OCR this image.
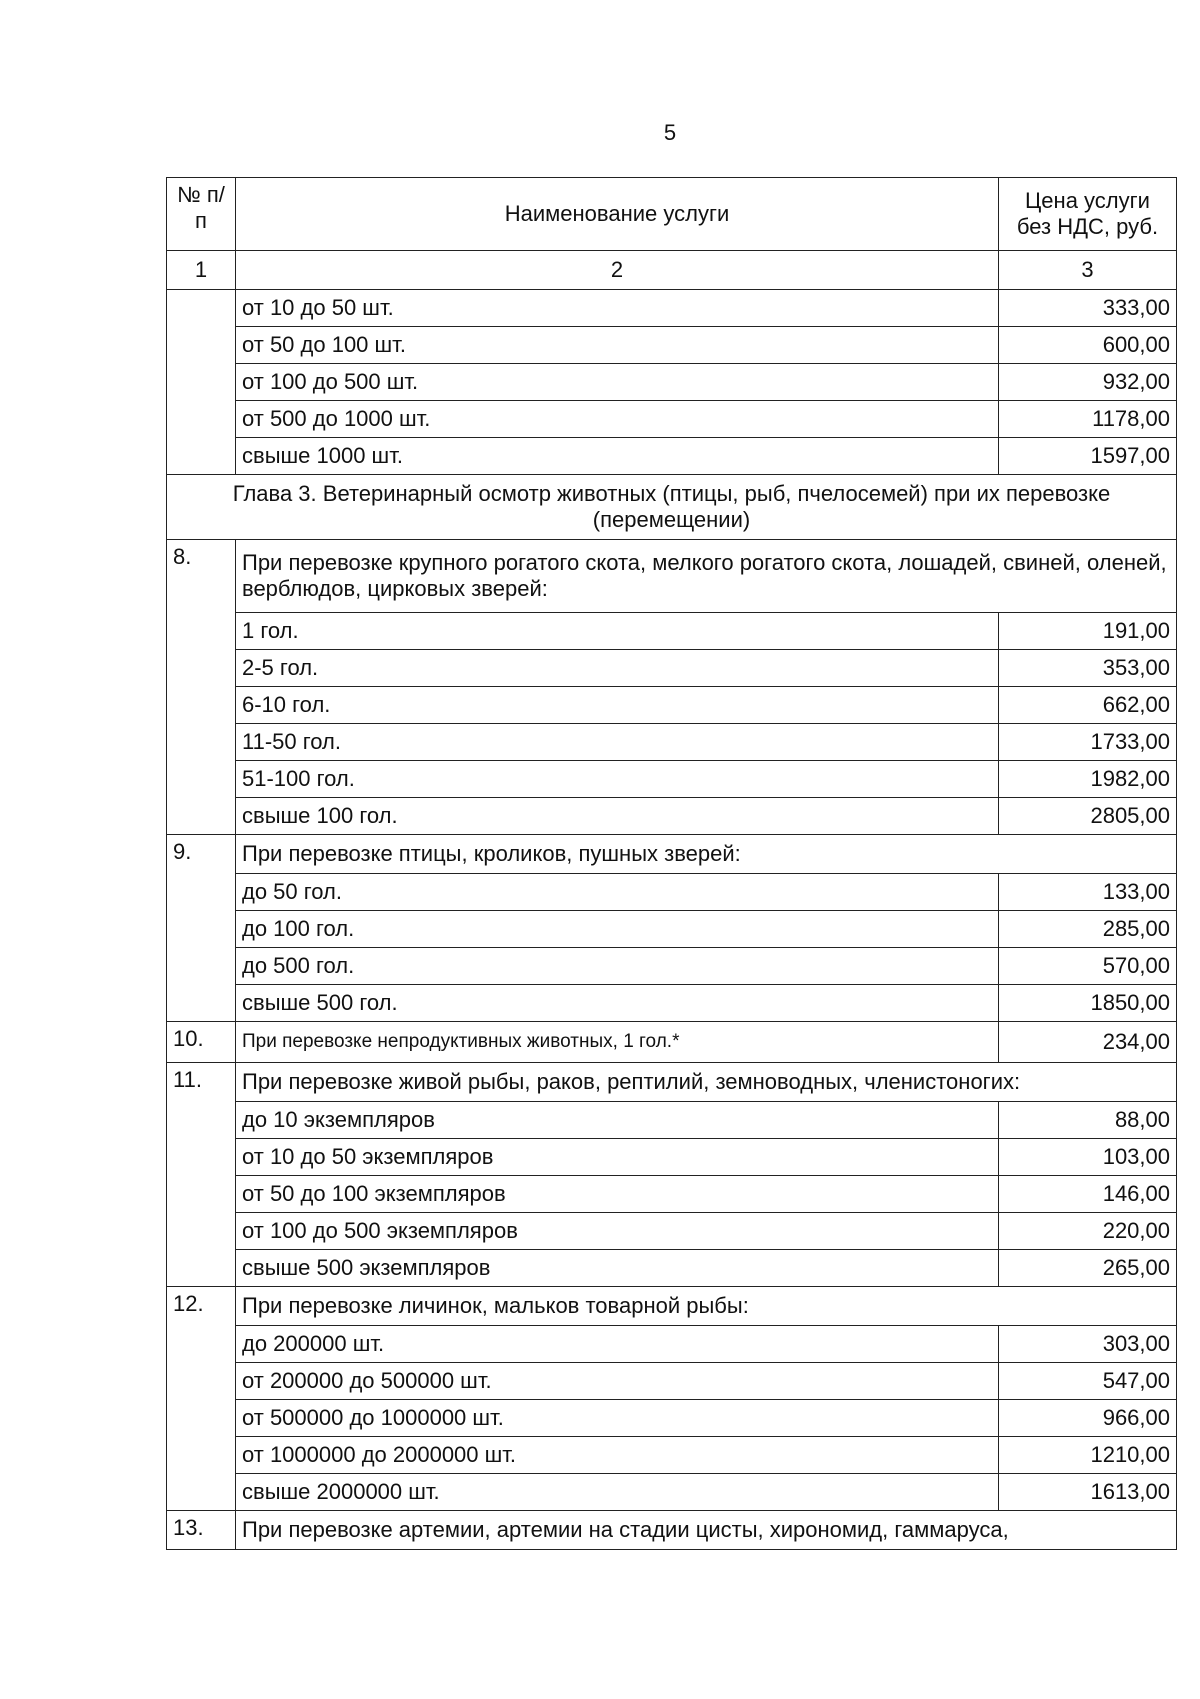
5
№ п/п	Наименование услуги	Цена услуги без НДС, руб.
1	2	3
	от 10 до 50 шт.	333,00
	от 50 до 100 шт.	600,00
	от 100 до 500 шт.	932,00
	от 500 до 1000 шт.	1178,00
	свыше 1000 шт.	1597,00
Глава 3. Ветеринарный осмотр животных (птицы, рыб, пчелосемей) при их перевозке (перемещении)		
8.	При перевозке крупного рогатого скота, мелкого рогатого скота, лошадей, свиней, оленей, верблюдов, цирковых зверей:	
	1 гол.	191,00
	2-5 гол.	353,00
	6-10 гол.	662,00
	11-50 гол.	1733,00
	51-100 гол.	1982,00
	свыше 100 гол.	2805,00
9.	При перевозке птицы, кроликов, пушных зверей:	
	до 50 гол.	133,00
	до 100 гол.	285,00
	до 500 гол.	570,00
	свыше 500 гол.	1850,00
10.	При перевозке непродуктивных животных, 1 гол.*	234,00
11.	При перевозке живой рыбы, раков, рептилий, земноводных, членистоногих:	
	до 10 экземпляров	88,00
	от 10 до 50 экземпляров	103,00
	от 50 до 100 экземпляров	146,00
	от 100 до 500 экземпляров	220,00
	свыше 500 экземпляров	265,00
12.	При перевозке личинок, мальков товарной рыбы:	
	до 200000 шт.	303,00
	от 200000 до 500000 шт.	547,00
	от 500000 до 1000000 шт.	966,00
	от 1000000 до 2000000 шт.	1210,00
	свыше 2000000 шт.	1613,00
13.	При перевозке артемии, артемии на стадии цисты, хирономид, гаммаруса,	
